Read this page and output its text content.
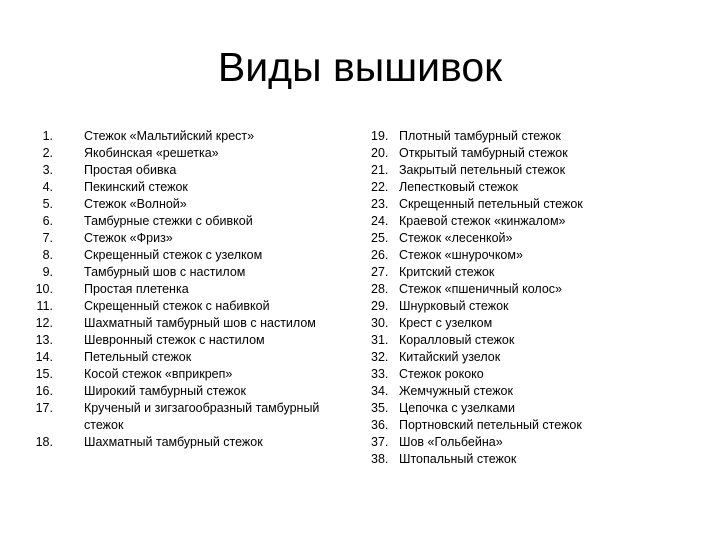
Виды вышивок
1. Стежок «Мальтийский крест»
2. Якобинская «решетка»
3. Простая обивка
4. Пекинский стежок
5. Стежок «Волной»
6. Тамбурные стежки с обивкой
7. Стежок «Фриз»
8. Скрещенный стежок с узелком
9. Тамбурный шов с настилом
10. Простая плетенка
11. Скрещенный стежок с набивкой
12. Шахматный тамбурный шов с настилом
13. Шевронный стежок с настилом
14. Петельный стежок
15. Косой стежок «вприкреп»
16. Широкий тамбурный стежок
17. Крученый и зигзагообразный тамбурный стежок
18. Шахматный тамбурный стежок
19. Плотный тамбурный стежок
20. Открытый тамбурный стежок
21. Закрытый петельный стежок
22. Лепестковый стежок
23. Скрещенный петельный стежок
24. Краевой стежок «кинжалом»
25. Стежок «лесенкой»
26. Стежок «шнурочком»
27. Критский стежок
28. Стежок «пшеничный колос»
29. Шнурковый стежок
30. Крест с узелком
31. Коралловый стежок
32. Китайский узелок
33. Стежок рококо
34. Жемчужный стежок
35. Цепочка с узелками
36. Портновский петельный стежок
37. Шов «Гольбейна»
38. Штопальный стежок
